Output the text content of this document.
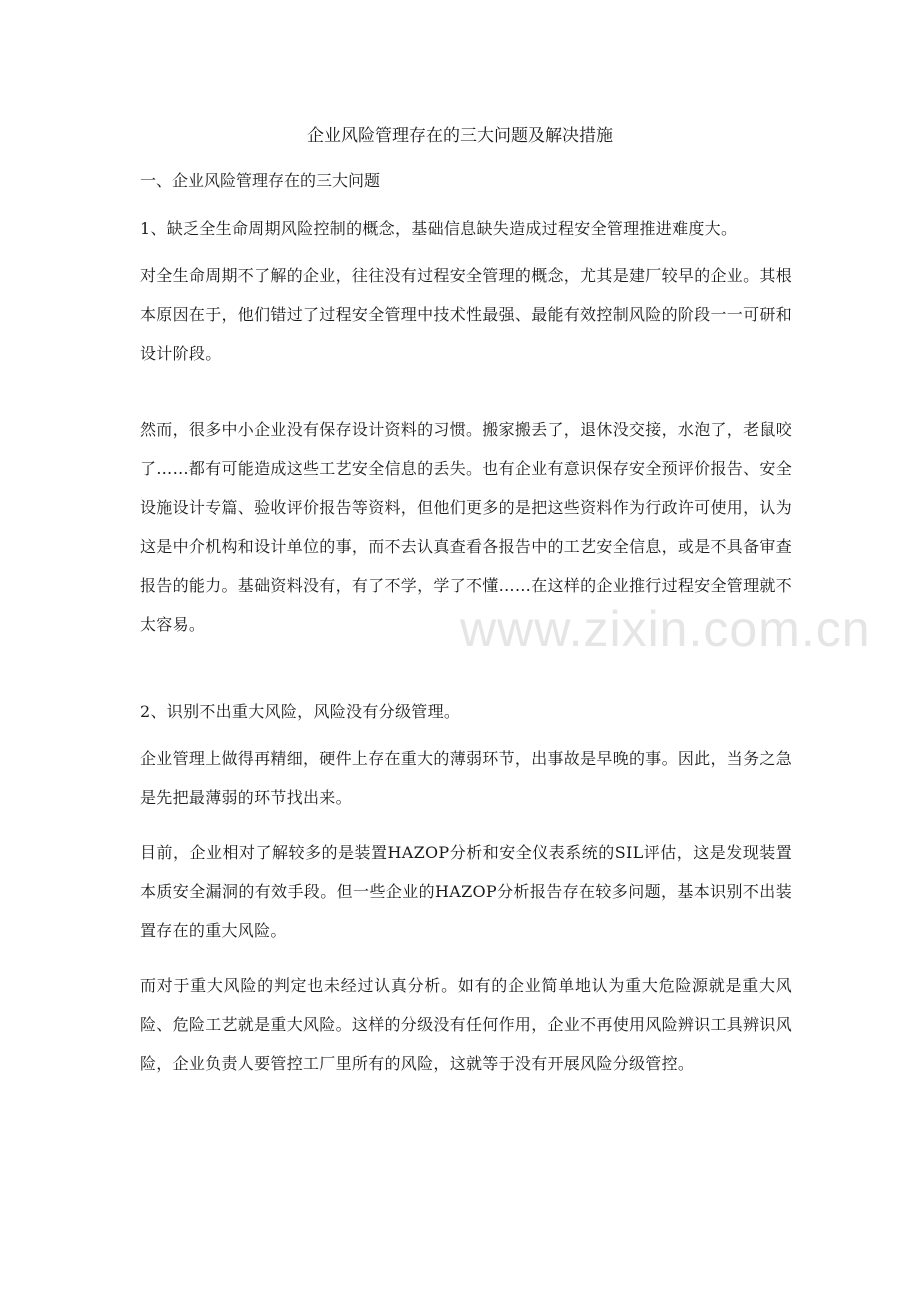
企业风险管理存在的三大问题及解决措施
一、企业风险管理存在的三大问题

1、缺乏全生命周期风险控制的概念，基础信息缺失造成过程安全管理推进难度大。

对全生命周期不了解的企业，往往没有过程安全管理的概念，尤其是建厂较早的企业。其根本原因在于，他们错过了过程安全管理中技术性最强、最能有效控制风险的阶段一一可研和设计阶段。

然而，很多中小企业没有保存设计资料的习惯。搬家搬丢了，退休没交接，水泡了，老鼠咬了……都有可能造成这些工艺安全信息的丢失。也有企业有意识保存安全预评价报告、安全设施设计专篇、验收评价报告等资料，但他们更多的是把这些资料作为行政许可使用，认为这是中介机构和设计单位的事，而不去认真查看各报告中的工艺安全信息，或是不具备审查报告的能力。基础资料没有，有了不学，学了不懂……在这样的企业推行过程安全管理就不太容易。

2、识别不出重大风险，风险没有分级管理。

企业管理上做得再精细，硬件上存在重大的薄弱环节，出事故是早晚的事。因此，当务之急是先把最薄弱的环节找出来。

目前，企业相对了解较多的是装置HAZOP分析和安全仪表系统的SIL评估，这是发现装置本质安全漏洞的有效手段。但一些企业的HAZOP分析报告存在较多问题，基本识别不出装置存在的重大风险。

而对于重大风险的判定也未经过认真分析。如有的企业简单地认为重大危险源就是重大风险、危险工艺就是重大风险。这样的分级没有任何作用，企业不再使用风险辨识工具辨识风险，企业负责人要管控工厂里所有的风险，这就等于没有开展风险分级管控。

www.zixin.com.cn
